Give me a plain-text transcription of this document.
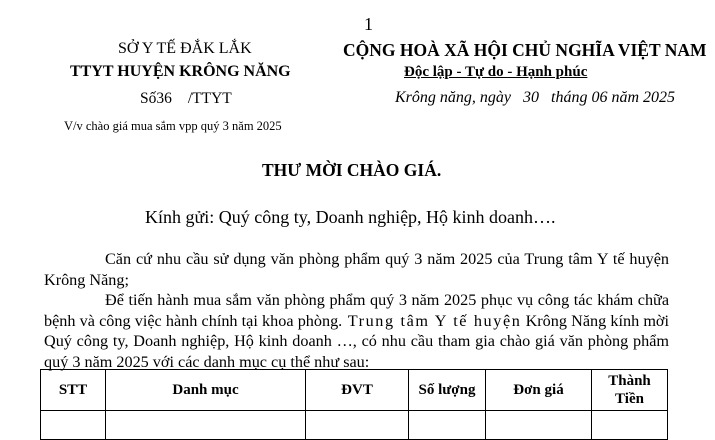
1
SỞ Y TẾ ĐẮK LẮK
TTYT HUYỆN KRÔNG NĂNG
CỘNG HOÀ XÃ HỘI CHỦ NGHĨA VIỆT NAM
Độc lập - Tự do - Hạnh phúc
Số36 /TTYT	Krông năng, ngày   30   tháng 06 năm 2025
V/v chào giá mua sắm vpp quý 3 năm 2025
THƯ MỜI CHÀO GIÁ.
Kính gửi: Quý công ty, Doanh nghiệp, Hộ kinh doanh….

Căn cứ nhu cầu sử dụng văn phòng phẩm quý 3 năm 2025 của Trung tâm Y tế huyện Krông Năng;

Để tiến hành mua sắm văn phòng phẩm quý 3 năm 2025 phục vụ công tác khám chữa bệnh và công việc hành chính tại khoa phòng. Trung tâm Y tế huyện Krông Năng kính mời Quý công ty, Doanh nghiệp, Hộ kinh doanh …, có nhu cầu tham gia chào giá văn phòng phẩm quý 3 năm 2025 với các danh mục cụ thể như sau:

STT	Danh mục	ĐVT	Số lượng	Đơn giá	Thành
Tiền
